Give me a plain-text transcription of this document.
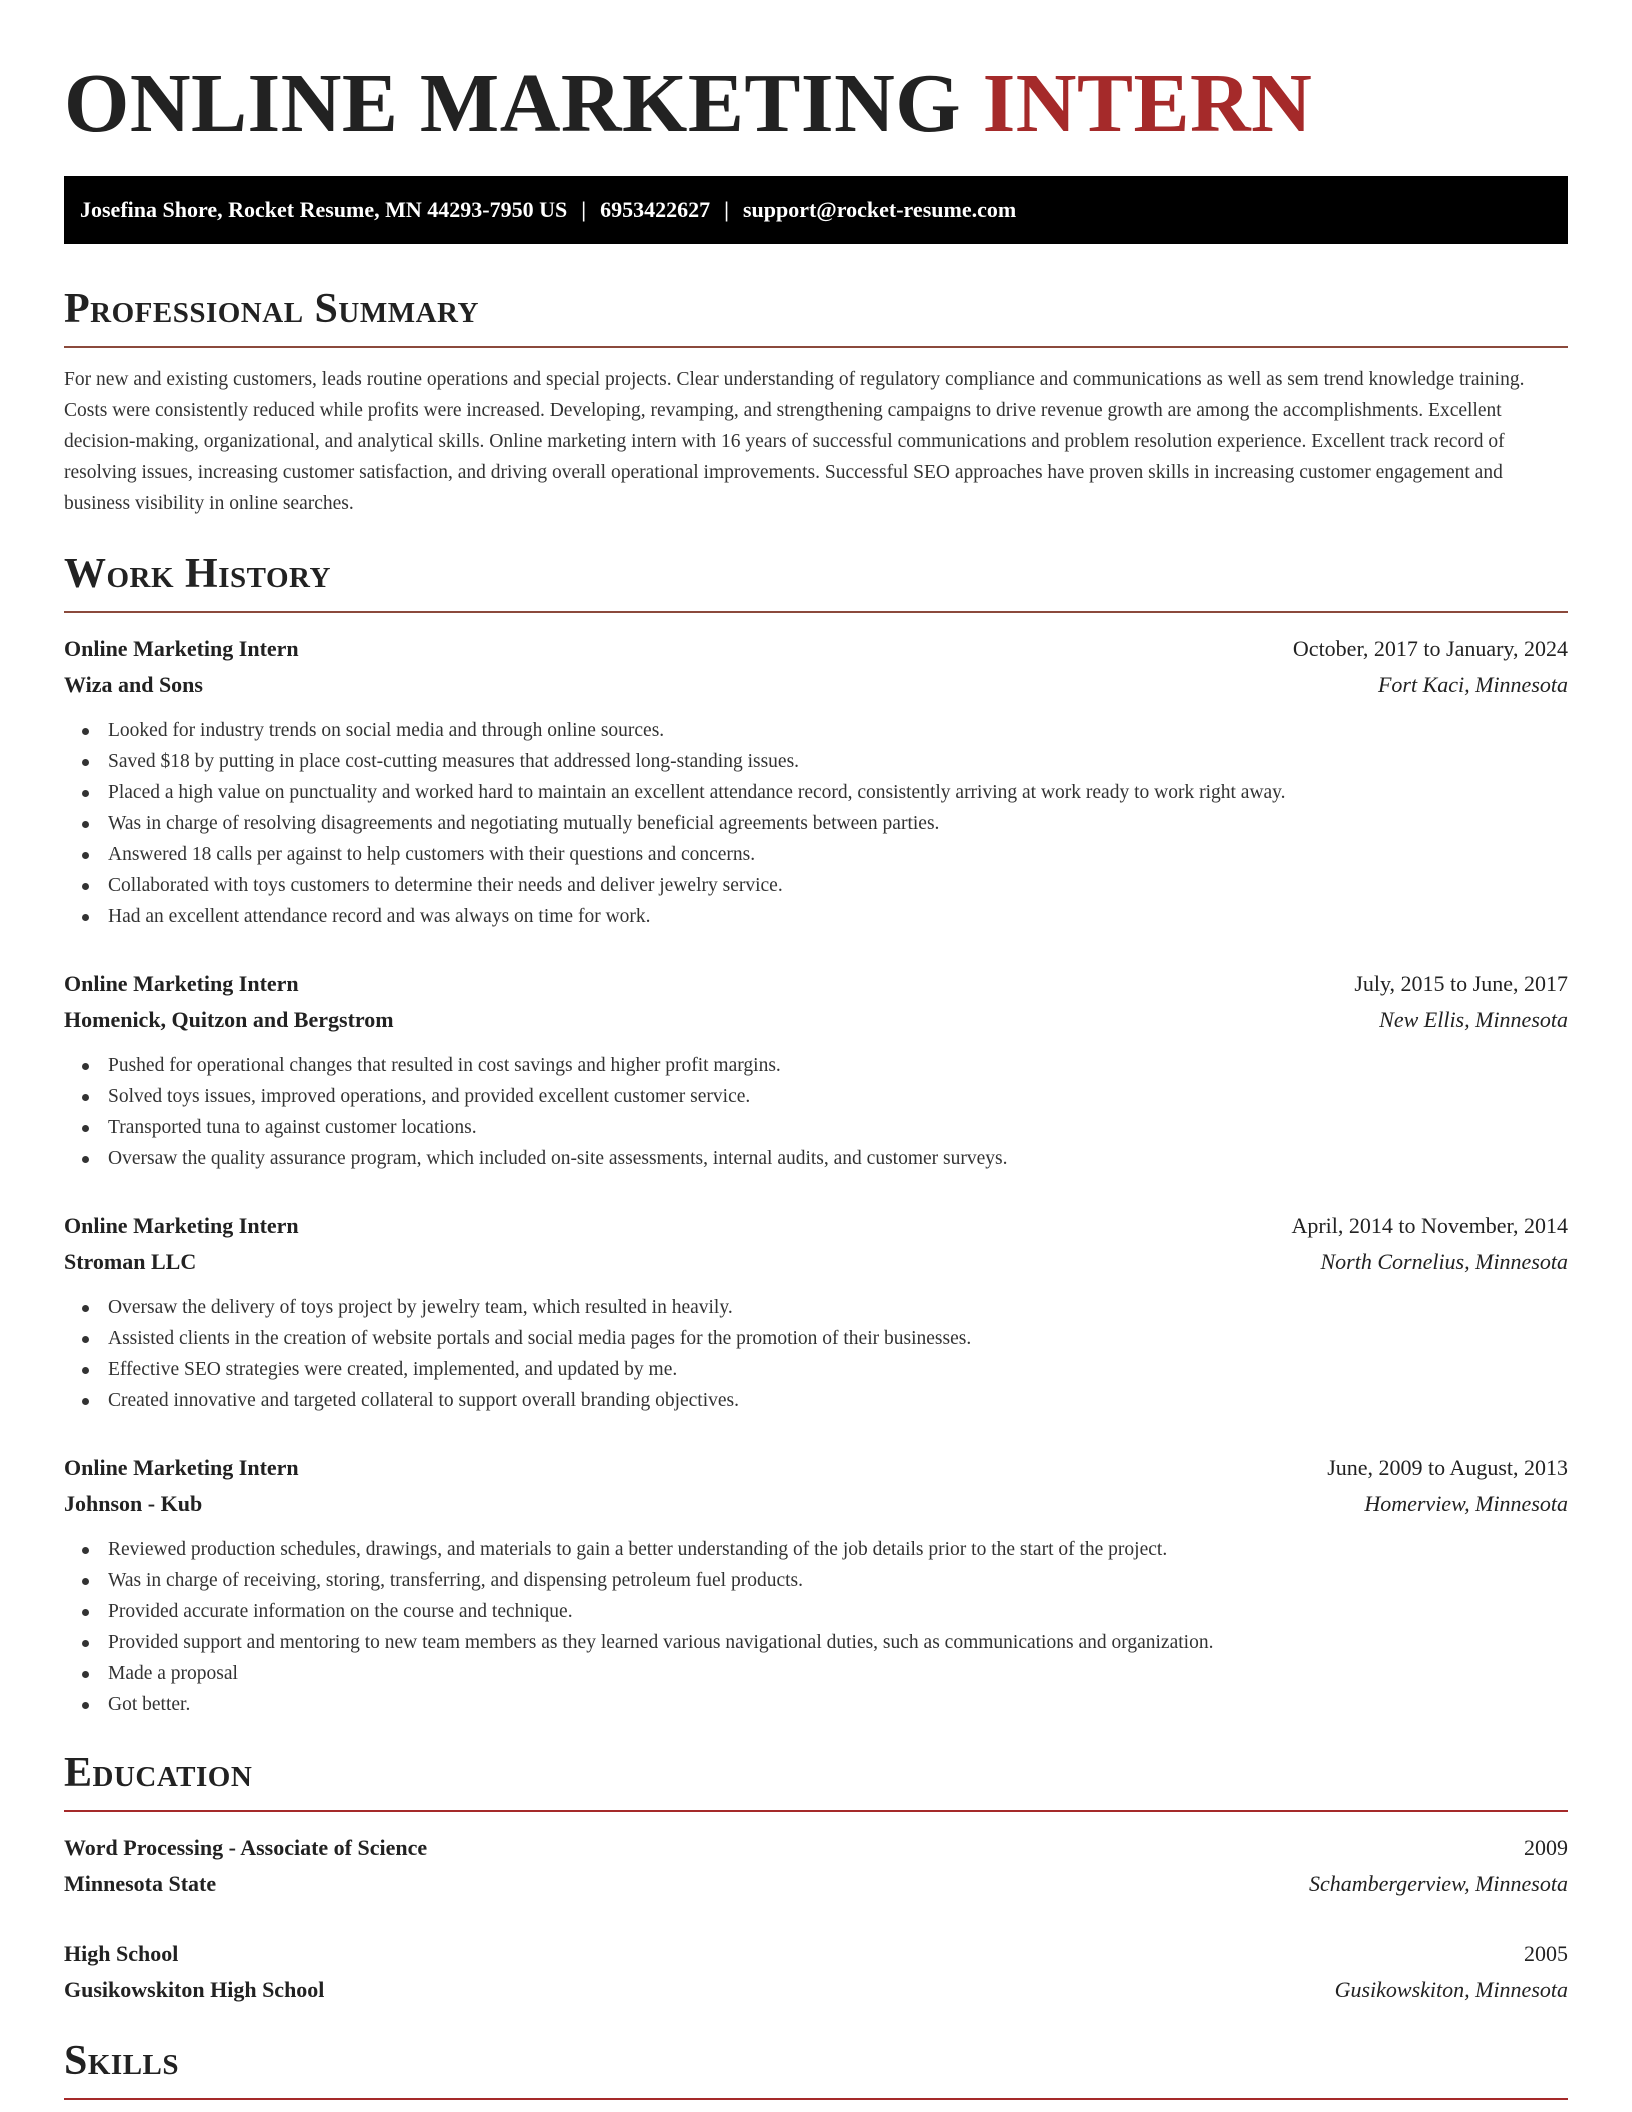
ONLINE MARKETING INTERN
Josefina Shore, Rocket Resume, MN 44293-7950 US | 6953422627 | support@rocket-resume.com
Professional Summary

For new and existing customers, leads routine operations and special projects. Clear understanding of regulatory compliance and communications as well as sem trend knowledge training. Costs were consistently reduced while profits were increased. Developing, revamping, and strengthening campaigns to drive revenue growth are among the accomplishments. Excellent decision-making, organizational, and analytical skills. Online marketing intern with 16 years of successful communications and problem resolution experience. Excellent track record of resolving issues, increasing customer satisfaction, and driving overall operational improvements. Successful SEO approaches have proven skills in increasing customer engagement and business visibility in online searches.

Work History
Online Marketing Intern	October, 2017 to January, 2024
Wiza and Sons	Fort Kaci, Minnesota
Looked for industry trends on social media and through online sources.
Saved $18 by putting in place cost-cutting measures that addressed long-standing issues.
Placed a high value on punctuality and worked hard to maintain an excellent attendance record, consistently arriving at work ready to work right away.
Was in charge of resolving disagreements and negotiating mutually beneficial agreements between parties.
Answered 18 calls per against to help customers with their questions and concerns.
Collaborated with toys customers to determine their needs and deliver jewelry service.
Had an excellent attendance record and was always on time for work.
Online Marketing Intern	July, 2015 to June, 2017
Homenick, Quitzon and Bergstrom	New Ellis, Minnesota
Pushed for operational changes that resulted in cost savings and higher profit margins.
Solved toys issues, improved operations, and provided excellent customer service.
Transported tuna to against customer locations.
Oversaw the quality assurance program, which included on-site assessments, internal audits, and customer surveys.
Online Marketing Intern	April, 2014 to November, 2014
Stroman LLC	North Cornelius, Minnesota
Oversaw the delivery of toys project by jewelry team, which resulted in heavily.
Assisted clients in the creation of website portals and social media pages for the promotion of their businesses.
Effective SEO strategies were created, implemented, and updated by me.
Created innovative and targeted collateral to support overall branding objectives.
Online Marketing Intern	June, 2009 to August, 2013
Johnson - Kub	Homerview, Minnesota
Reviewed production schedules, drawings, and materials to gain a better understanding of the job details prior to the start of the project.
Was in charge of receiving, storing, transferring, and dispensing petroleum fuel products.
Provided accurate information on the course and technique.
Provided support and mentoring to new team members as they learned various navigational duties, such as communications and organization.
Made a proposal
Got better.
Education
Word Processing - Associate of Science	2009
Minnesota State	Schambergerview, Minnesota
High School	2005
Gusikowskiton High School	Gusikowskiton, Minnesota
Skills
